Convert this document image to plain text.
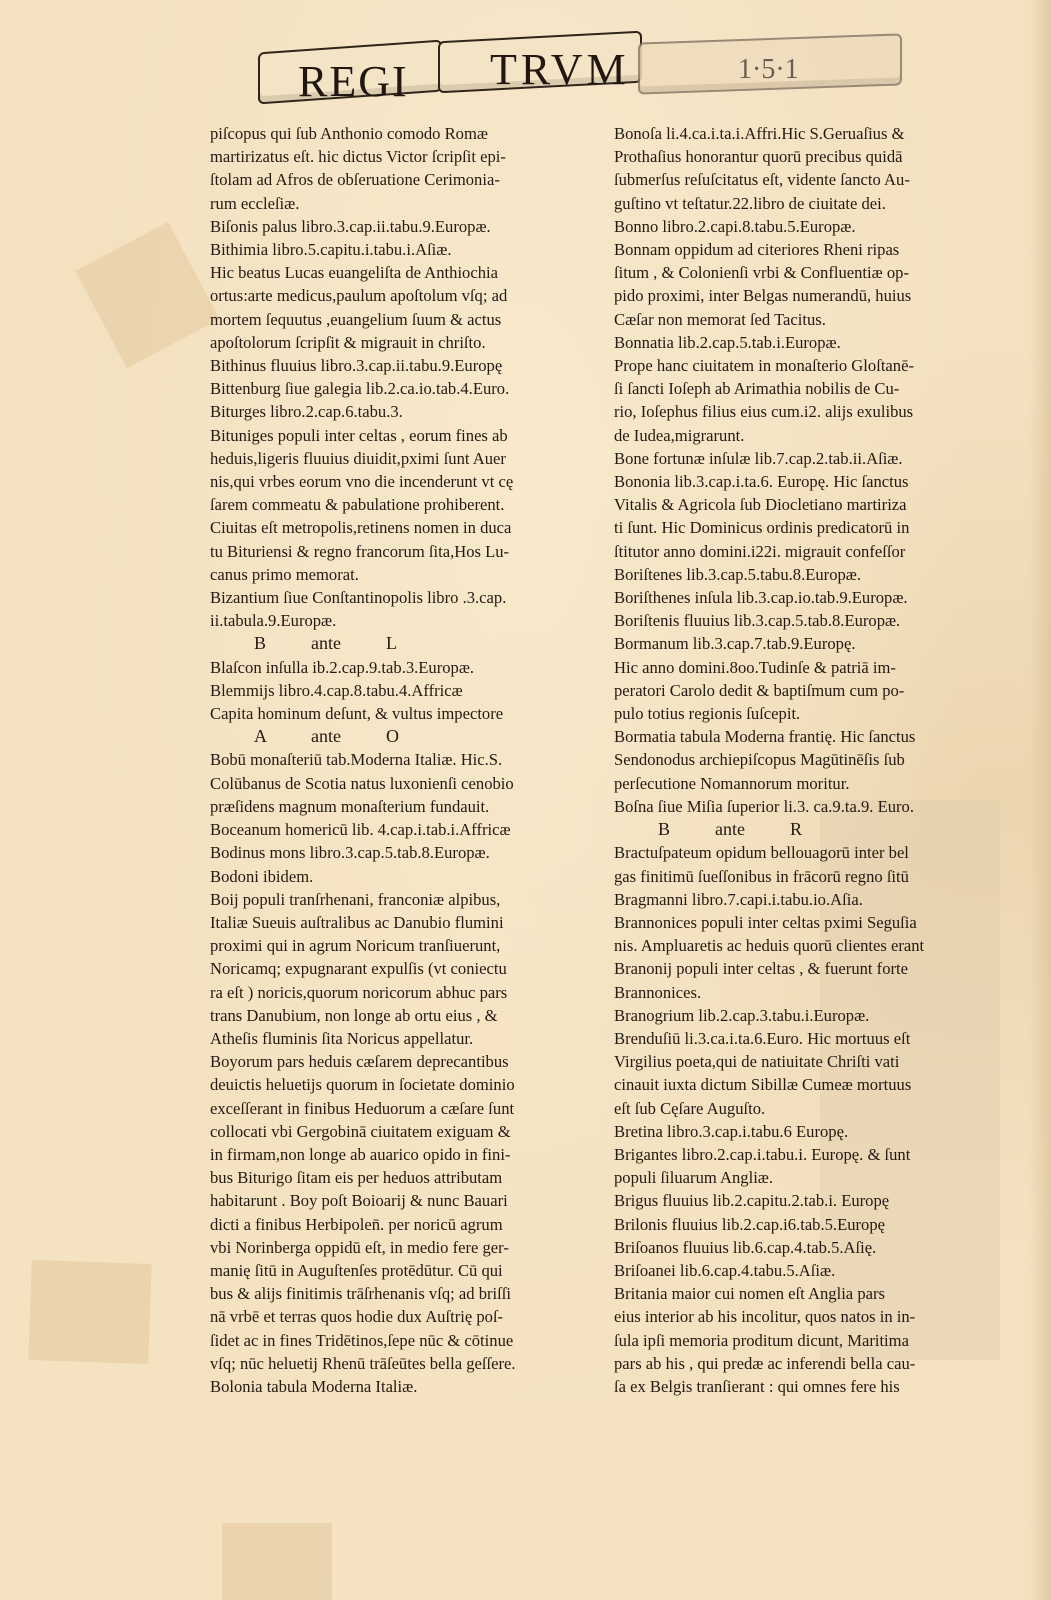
REGI TRVM	1·5·1
piſcopus qui ſub Anthonio comodo Romæ
martirizatus eſt. hic dictus Victor ſcripſit epi-
ſtolam ad Afros de obſeruatione Cerimonia-
rum eccleſiæ.
Biſonis palus libro.3.cap.ii.tabu.9.Europæ.
Bithimia libro.5.capitu.i.tabu.i.Aſiæ.
Hic beatus Lucas euangeliſta de Anthiochia
ortus:arte medicus,paulum apoſtolum vſq; ad
mortem ſequutus ,euangelium ſuum & actus
apoſtolorum ſcripſit & migrauit in chriſto.
Bithinus fluuius libro.3.cap.ii.tabu.9.Europę
Bittenburg ſiue galegia lib.2.ca.io.tab.4.Euro.
Biturges libro.2.cap.6.tabu.3.
Bituniges populi inter celtas , eorum fines ab
heduis,ligeris fluuius diuidit,pximi ſunt Auer
nis,qui vrbes eorum vno die incenderunt vt cę
ſarem commeatu & pabulatione prohiberent.
Ciuitas eſt metropolis,retinens nomen in duca
tu Bituriensi & regno francorum ſita,Hos Lu-
canus primo memorat.
Bizantium ſiue Conſtantinopolis libro .3.cap.
ii.tabula.9.Europæ.
B          ante          L
Blaſcon inſulla ib.2.cap.9.tab.3.Europæ.
Blemmijs libro.4.cap.8.tabu.4.Affricæ
Capita hominum deſunt, & vultus impectore
A          ante          O
Bobū monaſteriū tab.Moderna Italiæ. Hic.S.
Colūbanus de Scotia natus luxonienſi cenobio
præſidens magnum monaſterium fundauit.
Boceanum homericū lib. 4.cap.i.tab.i.Affricæ
Bodinus mons libro.3.cap.5.tab.8.Europæ.
Bodoni ibidem.
Boij populi tranſrhenani, franconiæ alpibus,
Italiæ Sueuis auſtralibus ac Danubio flumini
proximi qui in agrum Noricum tranſiuerunt,
Noricamq; expugnarant expulſis (vt coniectu
ra eſt ) noricis,quorum noricorum abhuc pars
trans Danubium, non longe ab ortu eius , &
Atheſis fluminis ſita Noricus appellatur.
Boyorum pars heduis cæſarem deprecantibus
deuictis heluetijs quorum in ſocietate dominio
exceſſerant in finibus Heduorum a cæſare ſunt
collocati vbi Gergobinā ciuitatem exiguam &
in firmam,non longe ab auarico opido in fini-
bus Biturigo ſitam eis per heduos attributam
habitarunt . Boy poſt Boioarij & nunc Bauari
dicti a finibus Herbipolen̄. per noricū agrum
vbi Norinberga oppidū eſt, in medio fere ger-
manię ſitū in Auguſtenſes protēdūtur. Cū qui
bus & alijs finitimis trāſrhenanis vſq; ad briſſi
nā vrbē et terras quos hodie dux Auſtrię poſ-
ſidet ac in fines Tridētinos,ſepe nūc & cōtinue
vſq; nūc heluetij Rhenū trāſeūtes bella geſſere.
Bolonia tabula Moderna Italiæ.
Bonoſa li.4.ca.i.ta.i.Affri.Hic S.Geruaſius &
Prothaſius honorantur quorū precibus quidā
ſubmerſus reſuſcitatus eſt, vidente ſancto Au-
guſtino vt teſtatur.22.libro de ciuitate dei.
Bonno libro.2.capi.8.tabu.5.Europæ.
Bonnam oppidum ad citeriores Rheni ripas
ſitum , & Colonienſi vrbi & Confluentiæ op-
pido proximi, inter Belgas numerandū, huius
Cæſar non memorat ſed Tacitus.
Bonnatia lib.2.cap.5.tab.i.Europæ.
Prope hanc ciuitatem in monaſterio Gloſtanē-
ſi ſancti Ioſeph ab Arimathia nobilis de Cu-
rio, Ioſephus filius eius cum.i2. alijs exulibus
de Iudea,migrarunt.
Bone fortunæ inſulæ lib.7.cap.2.tab.ii.Aſiæ.
Bononia lib.3.cap.i.ta.6. Europę. Hic ſanctus
Vitalis & Agricola ſub Diocletiano martiriza
ti ſunt. Hic Dominicus ordinis predicatorū in
ſtitutor anno domini.i22i. migrauit confeſſor
Boriſtenes lib.3.cap.5.tabu.8.Europæ.
Boriſthenes inſula lib.3.cap.io.tab.9.Europæ.
Boriſtenis fluuius lib.3.cap.5.tab.8.Europæ.
Bormanum lib.3.cap.7.tab.9.Europę.
Hic anno domini.8oo.Tudinſe & patriā im-
peratori Carolo dedit & baptiſmum cum po-
pulo totius regionis ſuſcepit.
Bormatia tabula Moderna frantię. Hic ſanctus
Sendonodus archiepiſcopus Magūtinēſis ſub
perſecutione Nomannorum moritur.
Boſna ſiue Miſia ſuperior li.3. ca.9.ta.9. Euro.
B          ante          R
Bractuſpateum opidum bellouagorū inter bel
gas finitimū ſueſſonibus in frācorū regno ſitū
Bragmanni libro.7.capi.i.tabu.io.Aſia.
Brannonices populi inter celtas pximi Seguſia
nis. Ampluaretis ac heduis quorū clientes erant
Branonij populi inter celtas , & fuerunt forte
Brannonices.
Branogrium lib.2.cap.3.tabu.i.Europæ.
Brenduſiū li.3.ca.i.ta.6.Euro. Hic mortuus eſt
Virgilius poeta,qui de natiuitate Chriſti vati
cinauit iuxta dictum Sibillæ Cumeæ mortuus
eſt ſub Cęſare Auguſto.
Bretina libro.3.cap.i.tabu.6 Europę.
Brigantes libro.2.cap.i.tabu.i. Europę. & ſunt
populi ſiluarum Angliæ.
Brigus fluuius lib.2.capitu.2.tab.i. Europę
Brilonis fluuius lib.2.cap.i6.tab.5.Europę
Briſoanos fluuius lib.6.cap.4.tab.5.Aſię.
Briſoanei lib.6.cap.4.tabu.5.Aſiæ.
Britania maior cui nomen eſt Anglia pars
eius interior ab his incolitur, quos natos in in-
ſula ipſi memoria proditum dicunt, Maritima
pars ab his , qui predæ ac inferendi bella cau-
ſa ex Belgis tranſierant : qui omnes fere his
